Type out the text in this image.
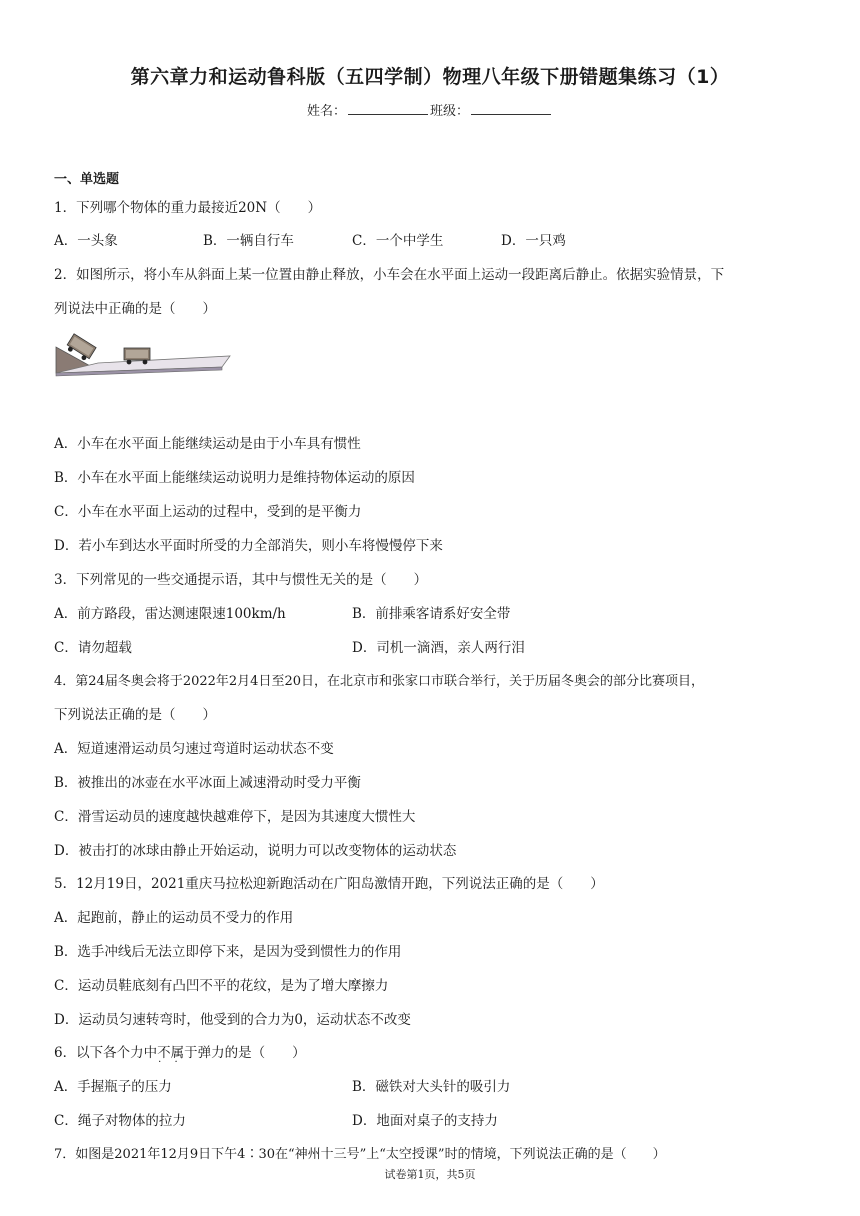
第六章力和运动鲁科版（五四学制）物理八年级下册错题集练习（1）
姓名：	班级：
一、单选题
1．下列哪个物体的重力最接近20N（　　）
A．一头象	B．一辆自行车	C．一个中学生	D．一只鸡
2．如图所示，将小车从斜面上某一位置由静止释放，小车会在水平面上运动一段距离后静止。依据实验情景，下
列说法中正确的是（　　）
A．小车在水平面上能继续运动是由于小车具有惯性
B．小车在水平面上能继续运动说明力是维持物体运动的原因
C．小车在水平面上运动的过程中，受到的是平衡力
D．若小车到达水平面时所受的力全部消失，则小车将慢慢停下来
3．下列常见的一些交通提示语，其中与惯性无关的是（　　）
A．前方路段，雷达测速限速100km/h	B．前排乘客请系好安全带
C．请勿超载	D．司机一滴酒，亲人两行泪
4．第24届冬奥会将于2022年2月4日至20日，在北京市和张家口市联合举行，关于历届冬奥会的部分比赛项目，
下列说法正确的是（　　）
A．短道速滑运动员匀速过弯道时运动状态不变
B．被推出的冰壶在水平冰面上减速滑动时受力平衡
C．滑雪运动员的速度越快越难停下，是因为其速度大惯性大
D．被击打的冰球由静止开始运动，说明力可以改变物体的运动状态
5．12月19日，2021重庆马拉松迎新跑活动在广阳岛激情开跑，下列说法正确的是（　　）
A．起跑前，静止的运动员不受力的作用
B．选手冲线后无法立即停下来，是因为受到惯性力的作用
C．运动员鞋底刻有凸凹不平的花纹，是为了增大摩擦力
D．运动员匀速转弯时，他受到的合力为0，运动状态不改变
6．以下各个力中不属于 · ·弹力的是（　　）
A．手握瓶子的压力	B．磁铁对大头针的吸引力
C．绳子对物体的拉力	D．地面对桌子的支持力
7．如图是2021年12月9日下午4∶30在“神州十三号”上“太空授课”时的情境，下列说法正确的是（　　）
试卷第1页，共5页
